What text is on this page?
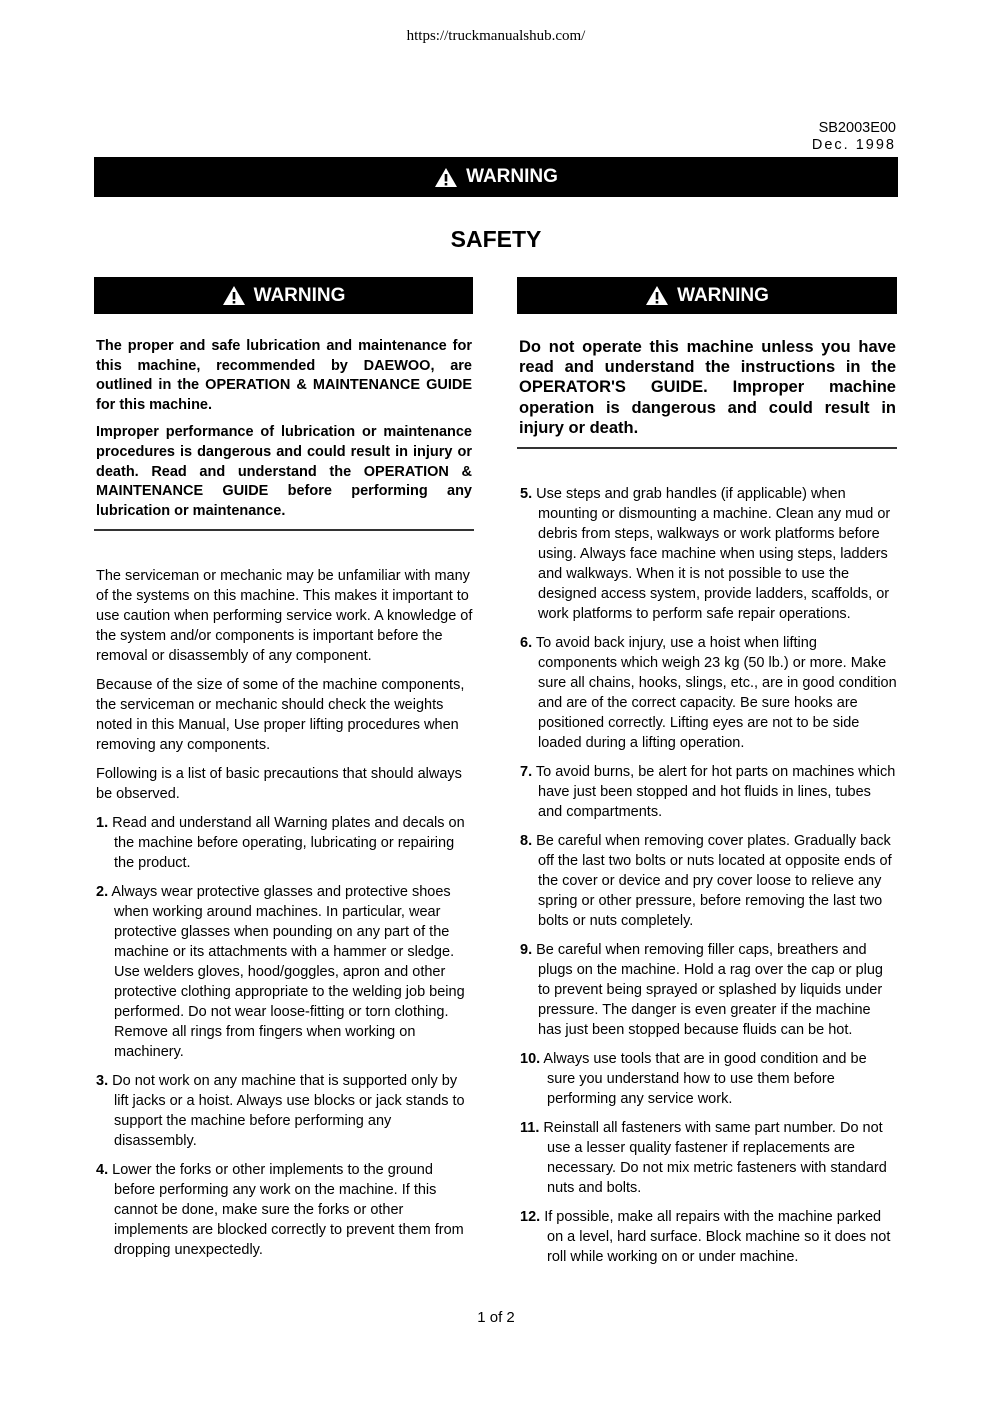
https://truckmanualshub.com/
SB2003E00
Dec. 1998
WARNING
SAFETY
WARNING

The proper and safe lubrication and maintenance for this machine, recommended by DAEWOO, are outlined in the OPERATION & MAINTENANCE GUIDE for this machine.

Improper performance of lubrication or maintenance procedures is dangerous and could result in injury or death. Read and understand the OPERATION & MAINTENANCE GUIDE before performing any lubrication or maintenance.

The serviceman or mechanic may be unfamiliar with many of the systems on this machine. This makes it important to use caution when performing service work. A knowledge of the system and/or components is important before the removal or disassembly of any component.

Because of the size of some of the machine components, the serviceman or mechanic should check the weights noted in this Manual, Use proper lifting procedures when removing any components.

Following is a list of basic precautions that should always be observed.

1. Read and understand all Warning plates and decals on the machine before operating, lubricating or repairing the product.

2. Always wear protective glasses and protective shoes when working around machines. In particular, wear protective glasses when pounding on any part of the machine or its attachments with a hammer or sledge. Use welders gloves, hood/goggles, apron and other protective clothing appropriate to the welding job being performed. Do not wear loose-fitting or torn clothing. Remove all rings from fingers when working on machinery.

3. Do not work on any machine that is supported only by lift jacks or a hoist. Always use blocks or jack stands to support the machine before performing any disassembly.

4. Lower the forks or other implements to the ground before performing any work on the machine. If this cannot be done, make sure the forks or other implements are blocked correctly to prevent them from dropping unexpectedly.

WARNING

Do not operate this machine unless you have read and understand the instructions in the OPERATOR'S GUIDE. Improper machine operation is dangerous and could result in injury or death.

5. Use steps and grab handles (if applicable) when mounting or dismounting a machine. Clean any mud or debris from steps, walkways or work platforms before using. Always face machine when using steps, ladders and walkways. When it is not possible to use the designed access system, provide ladders, scaffolds, or work platforms to perform safe repair operations.

6. To avoid back injury, use a hoist when lifting components which weigh 23 kg (50 lb.) or more. Make sure all chains, hooks, slings, etc., are in good condition and are of the correct capacity. Be sure hooks are positioned correctly. Lifting eyes are not to be side loaded during a lifting operation.

7. To avoid burns, be alert for hot parts on machines which have just been stopped and hot fluids in lines, tubes and compartments.

8. Be careful when removing cover plates. Gradually back off the last two bolts or nuts located at opposite ends of the cover or device and pry cover loose to relieve any spring or other pressure, before removing the last two bolts or nuts completely.

9. Be careful when removing filler caps, breathers and plugs on the machine. Hold a rag over the cap or plug to prevent being sprayed or splashed by liquids under pressure. The danger is even greater if the machine has just been stopped because fluids can be hot.

10. Always use tools that are in good condition and be sure you understand how to use them before performing any service work.

11. Reinstall all fasteners with same part number. Do not use a lesser quality fastener if replacements are necessary. Do not mix metric fasteners with standard nuts and bolts.

12. If possible, make all repairs with the machine parked on a level, hard surface. Block machine so it does not roll while working on or under machine.

1 of 2
